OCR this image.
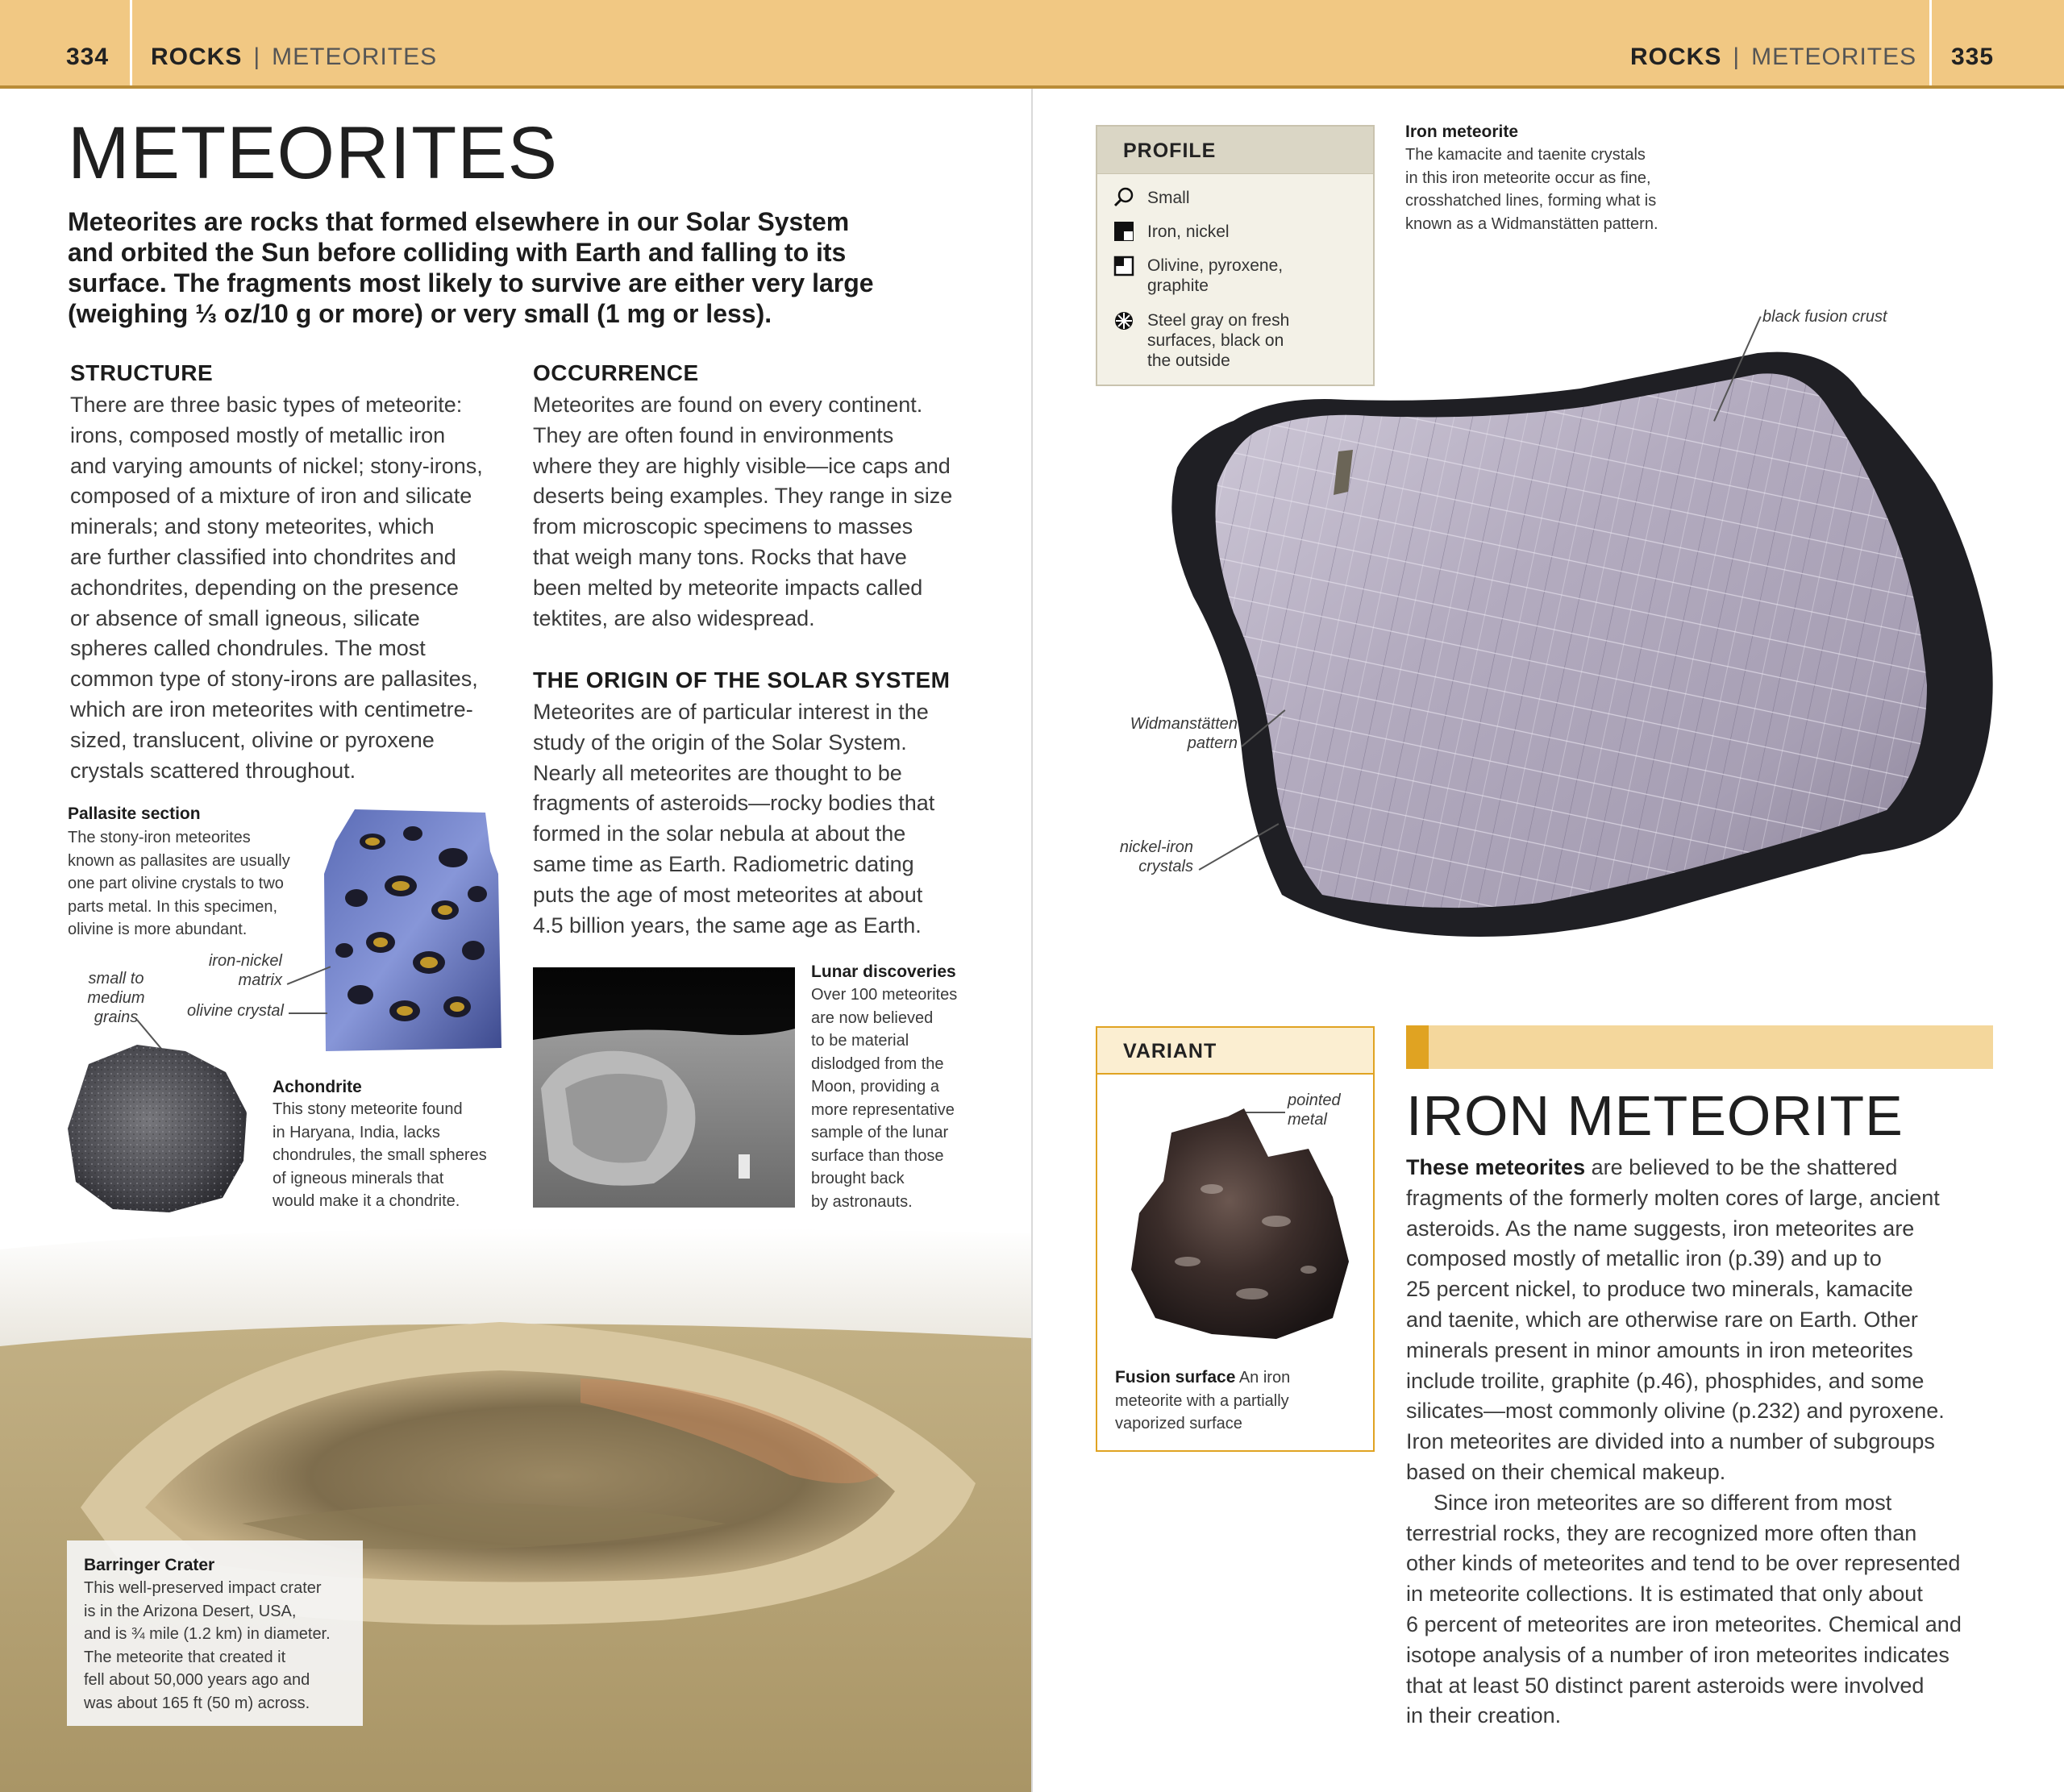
334 ROCKS | METEORITES	ROCKS | METEORITES 335
METEORITES
Meteorites are rocks that formed elsewhere in our Solar System
and orbited the Sun before colliding with Earth and falling to its
surface. The fragments most likely to survive are either very large
(weighing ⅓ oz/10 g or more) or very small (1 mg or less).
STRUCTURE
There are three basic types of meteorite:
irons, composed mostly of metallic iron
and varying amounts of nickel; stony-irons,
composed of a mixture of iron and silicate
minerals; and stony meteorites, which
are further classified into chondrites and
achondrites, depending on the presence
or absence of small igneous, silicate
spheres called chondrules. The most
common type of stony-irons are pallasites,
which are iron meteorites with centimetre-
sized, translucent, olivine or pyroxene
crystals scattered throughout.
OCCURRENCE
Meteorites are found on every continent.
They are often found in environments
where they are highly visible—ice caps and
deserts being examples. They range in size
from microscopic specimens to masses
that weigh many tons. Rocks that have
been melted by meteorite impacts called
tektites, are also widespread.
THE ORIGIN OF THE SOLAR SYSTEM
Meteorites are of particular interest in the
study of the origin of the Solar System.
Nearly all meteorites are thought to be
fragments of asteroids—rocky bodies that
formed in the solar nebula at about the
same time as Earth. Radiometric dating
puts the age of most meteorites at about
4.5 billion years, the same age as Earth.
Pallasite section
The stony-iron meteorites
known as pallasites are usually
one part olivine crystals to two
parts metal. In this specimen,
olivine is more abundant.
iron-nickel
matrix
olivine crystal
small to
medium
grains
Achondrite
This stony meteorite found
in Haryana, India, lacks
chondrules, the small spheres
of igneous minerals that
would make it a chondrite.
Lunar discoveries
Over 100 meteorites
are now believed
to be material
dislodged from the
Moon, providing a
more representative
sample of the lunar
surface than those
brought back
by astronauts.
Barringer Crater
This well-preserved impact crater
is in the Arizona Desert, USA,
and is ¾ mile (1.2 km) in diameter.
The meteorite that created it
fell about 50,000 years ago and
was about 165 ft (50 m) across.
PROFILE
Small
Iron, nickel
Olivine, pyroxene,
graphite
Steel gray on fresh
surfaces, black on
the outside
Iron meteorite
The kamacite and taenite crystals
in this iron meteorite occur as fine,
crosshatched lines, forming what is
known as a Widmanstätten pattern.
black fusion crust
Widmanstätten
pattern
nickel-iron
crystals
VARIANT
pointed
metal
Fusion surface An iron
meteorite with a partially
vaporized surface
IRON METEORITE
These meteorites are believed to be the shattered
fragments of the formerly molten cores of large, ancient
asteroids. As the name suggests, iron meteorites are
composed mostly of metallic iron (p.39) and up to
25 percent nickel, to produce two minerals, kamacite
and taenite, which are otherwise rare on Earth. Other
minerals present in minor amounts in iron meteorites
include troilite, graphite (p.46), phosphides, and some
silicates—most commonly olivine (p.232) and pyroxene.
Iron meteorites are divided into a number of subgroups
based on their chemical makeup.
Since iron meteorites are so different from most
terrestrial rocks, they are recognized more often than
other kinds of meteorites and tend to be over represented
in meteorite collections. It is estimated that only about
6 percent of meteorites are iron meteorites. Chemical and
isotope analysis of a number of iron meteorites indicates
that at least 50 distinct parent asteroids were involved
in their creation.
